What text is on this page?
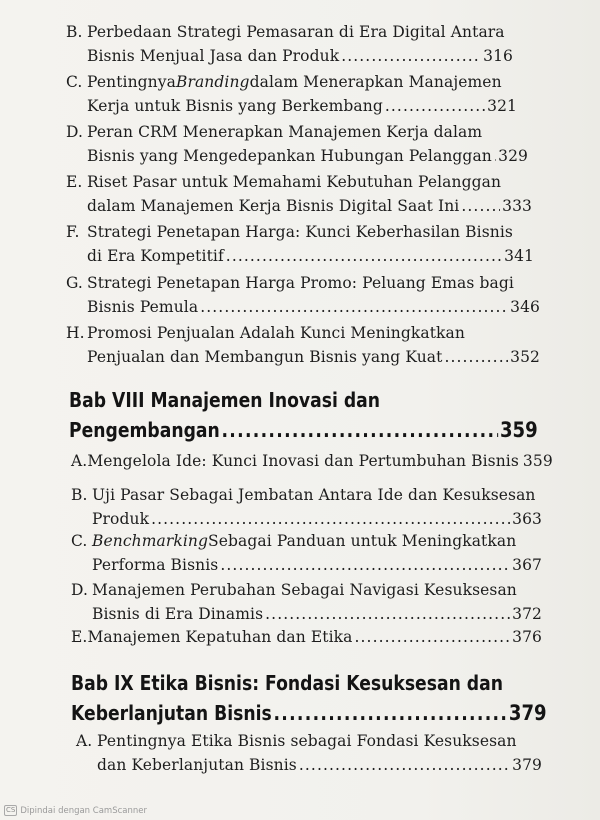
B. Perbedaan Strategi Pemasaran di Era Digital Antara
Bisnis Menjual Jasa dan Produk .....	316
C. Pentingnya Branding dalam Menerapkan Manajemen
Kerja untuk Bisnis yang Berkembang .....	321
D. Peran CRM Menerapkan Manajemen Kerja dalam
Bisnis yang Mengedepankan Hubungan Pelanggan ..... 329
E. Riset Pasar untuk Memahami Kebutuhan Pelanggan
dalam Manajemen Kerja Bisnis Digital Saat Ini .....	333
F. Strategi Penetapan Harga: Kunci Keberhasilan Bisnis
di Era Kompetitif .....	341
G. Strategi Penetapan Harga Promo: Peluang Emas bagi
Bisnis Pemula .....	346
H. Promosi Penjualan Adalah Kunci Meningkatkan
Penjualan dan Membangun Bisnis yang Kuat .....	352
Bab VIII Manajemen Inovasi dan
Pengembangan .....	359
A. Mengelola Ide: Kunci Inovasi dan Pertumbuhan Bisnis 359
B. Uji Pasar Sebagai Jembatan Antara Ide dan Kesuksesan
Produk .....	363
C. Benchmarking Sebagai Panduan untuk Meningkatkan
Performa Bisnis .....	367
D. Manajemen Perubahan Sebagai Navigasi Kesuksesan
Bisnis di Era Dinamis .....	372
E. Manajemen Kepatuhan dan Etika .....	376
Bab IX Etika Bisnis: Fondasi Kesuksesan dan
Keberlanjutan Bisnis .....	379
A. Pentingnya Etika Bisnis sebagai Fondasi Kesuksesan
dan Keberlanjutan Bisnis .....	379
CS Dipindai dengan CamScanner
